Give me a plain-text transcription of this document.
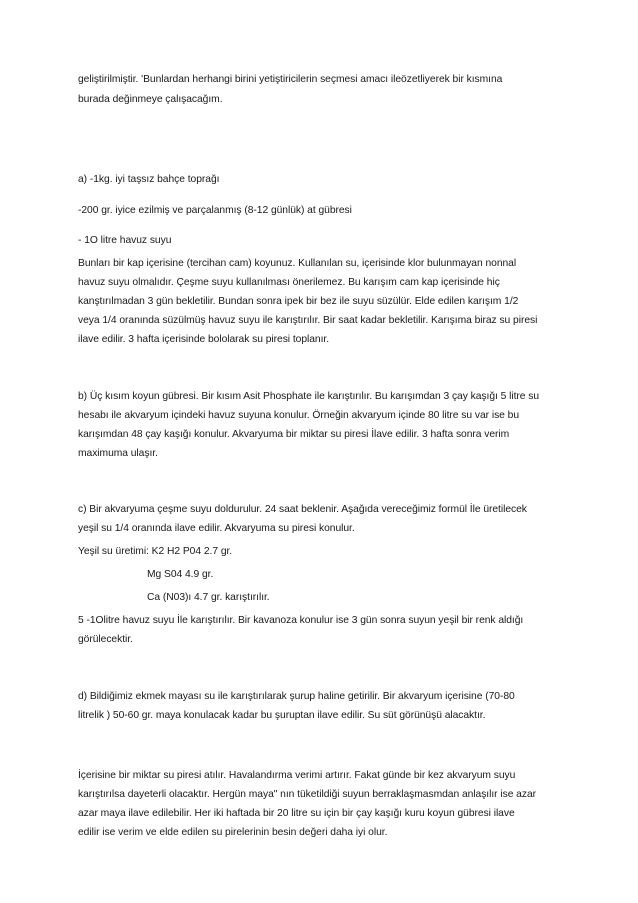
geliştirilmiştir. 'Bunlardan herhangi birini yetiştiricilerin seçmesi amacı ileözetliyerek bir kısmına
burada değinmeye çalışacağım.
a) -1kg. iyi taşsız bahçe toprağı
-200 gr. iyice ezilmiş ve parçalanmış (8-12 günlük) at gübresi
- 1O litre havuz suyu
Bunları bir kap içerisine (tercihan cam) koyunuz. Kullanılan su, içerisinde klor bulunmayan nonnal
havuz suyu olmalıdır. Çeşme suyu kullanılması önerilemez. Bu karışım cam kap içerisinde hiç
kanştırılmadan 3 gün bekletilir. Bundan sonra ipek bir bez ile suyu süzülür. Elde edilen karışım 1/2
veya 1/4 oranında süzülmüş havuz suyu ile karıştırılır. Bir saat kadar bekletilir. Karışıma biraz su piresi
ilave edilir. 3 hafta içerisinde bololarak su piresi toplanır.
b) Üç kısım koyun gübresi. Bir kısım Asit Phosphate ile karıştırılır. Bu karışımdan 3 çay kaşığı 5 litre su
hesabı ile akvaryum içindeki havuz suyuna konulur. Örneğin akvaryum içinde 80 litre su var ise bu
karışımdan 48 çay kaşığı konulur. Akvaryuma bir miktar su piresi İlave edilir. 3 hafta sonra verim
maximuma ulaşır.
c) Bir akvaryuma çeşme suyu doldurulur. 24 saat beklenir. Aşağıda vereceğimiz formül İle üretilecek
yeşil su 1/4 oranında ilave edilir. Akvaryuma su piresi konulur.
Yeşil su üretimi: K2 H2 P04 2.7 gr.
Mg S04 4.9 gr.
Ca (N03)ı 4.7 gr. karıştırılır.
5 -1Olitre havuz suyu İle karıştırılır. Bir kavanoza konulur ise 3 gün sonra suyun yeşil bir renk aldığı
görülecektir.
d) Bildiğimiz ekmek mayası su ile karıştırılarak şurup haline getirilir. Bir akvaryum içerisine (70-80
litrelik ) 50-60 gr. maya konulacak kadar bu şuruptan ilave edilir. Su süt görünüşü alacaktır.
İçerisine bir miktar su piresi atılır. Havalandırma verimi artırır. Fakat günde bir kez akvaryum suyu
karıştırılsa dayeterli olacaktır. Hergün maya" nın tüketildiği suyun berraklaşmasmdan anlaşılır ise azar
azar maya ilave edilebilir. Her iki haftada bir 20 litre su için bir çay kaşığı kuru koyun gübresi ilave
edilir ise verim ve elde edilen su pirelerinin besin değeri daha iyi olur.
